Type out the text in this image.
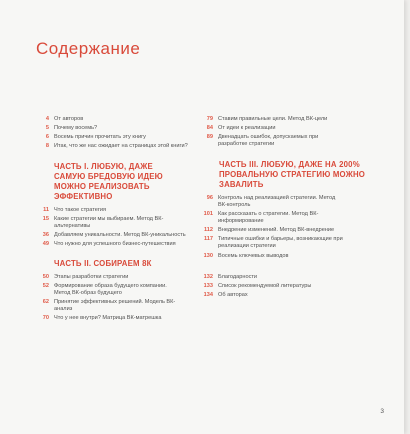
Содержание
4 От авторов
5 Почему восемь?
6 Восемь причин прочитать эту книгу
8 Итак, что же нас ожидает на страницах этой книги?
ЧАСТЬ I. ЛЮБУЮ, ДАЖЕ САМУЮ БРЕДОВУЮ ИДЕЮ МОЖНО РЕАЛИЗОВАТЬ ЭФФЕКТИВНО
11 Что такое стратегия
15 Какие стратегии мы выбираем. Метод ВК-альтернативы
36 Добавляем уникальности. Метод ВК-уникальность
49 Что нужно для успешного бизнес-путешествия
ЧАСТЬ II. СОБИРАЕМ 8К
50 Этапы разработки стратегии
52 Формирование образа будущего компании. Метод ВК-образ будущего
62 Принятие эффективных решений. Модель ВК-анализ
70 Что у нее внутри? Матрица ВК-матрешка
79 Ставим правильные цели. Метод ВК-цели
84 От идеи к реализации
89 Двенадцать ошибок, допускаемых при разработке стратегии
ЧАСТЬ III. ЛЮБУЮ, ДАЖЕ НА 200% ПРОВАЛЬНУЮ СТРАТЕГИЮ МОЖНО ЗАВАЛИТЬ
96 Контроль над реализацией стратегии. Метод ВК-контроль
101 Как рассказать о стратегии. Метод ВК-информирование
112 Внедрение изменений. Метод ВК-внедрение
117 Типичные ошибки и барьеры, возникающие при реализации стратегии
130 Восемь ключевых выводов
132 Благодарности
133 Список рекомендуемой литературы
134 Об авторах
3
